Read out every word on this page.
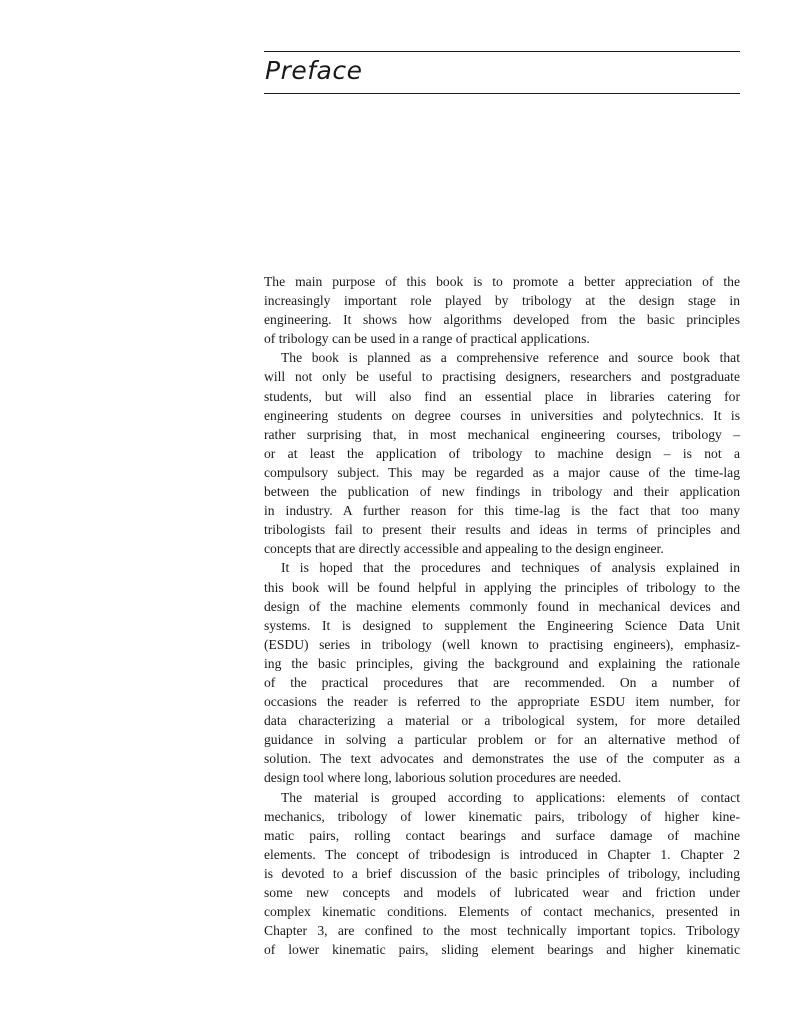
Preface
The main purpose of this book is to promote a better appreciation of the
increasingly important role played by tribology at the design stage in
engineering. It shows how algorithms developed from the basic principles
of tribology can be used in a range of practical applications.
The book is planned as a comprehensive reference and source book that
will not only be useful to practising designers, researchers and postgraduate
students, but will also find an essential place in libraries catering for
engineering students on degree courses in universities and polytechnics. It is
rather surprising that, in most mechanical engineering courses, tribology –
or at least the application of tribology to machine design – is not a
compulsory subject. This may be regarded as a major cause of the time-lag
between the publication of new findings in tribology and their application
in industry. A further reason for this time-lag is the fact that too many
tribologists fail to present their results and ideas in terms of principles and
concepts that are directly accessible and appealing to the design engineer.
It is hoped that the procedures and techniques of analysis explained in
this book will be found helpful in applying the principles of tribology to the
design of the machine elements commonly found in mechanical devices and
systems. It is designed to supplement the Engineering Science Data Unit
(ESDU) series in tribology (well known to practising engineers), emphasiz-
ing the basic principles, giving the background and explaining the rationale
of the practical procedures that are recommended. On a number of
occasions the reader is referred to the appropriate ESDU item number, for
data characterizing a material or a tribological system, for more detailed
guidance in solving a particular problem or for an alternative method of
solution. The text advocates and demonstrates the use of the computer as a
design tool where long, laborious solution procedures are needed.
The material is grouped according to applications: elements of contact
mechanics, tribology of lower kinematic pairs, tribology of higher kine-
matic pairs, rolling contact bearings and surface damage of machine
elements. The concept of tribodesign is introduced in Chapter 1. Chapter 2
is devoted to a brief discussion of the basic principles of tribology, including
some new concepts and models of lubricated wear and friction under
complex kinematic conditions. Elements of contact mechanics, presented in
Chapter 3, are confined to the most technically important topics. Tribology
of lower kinematic pairs, sliding element bearings and higher kinematic
